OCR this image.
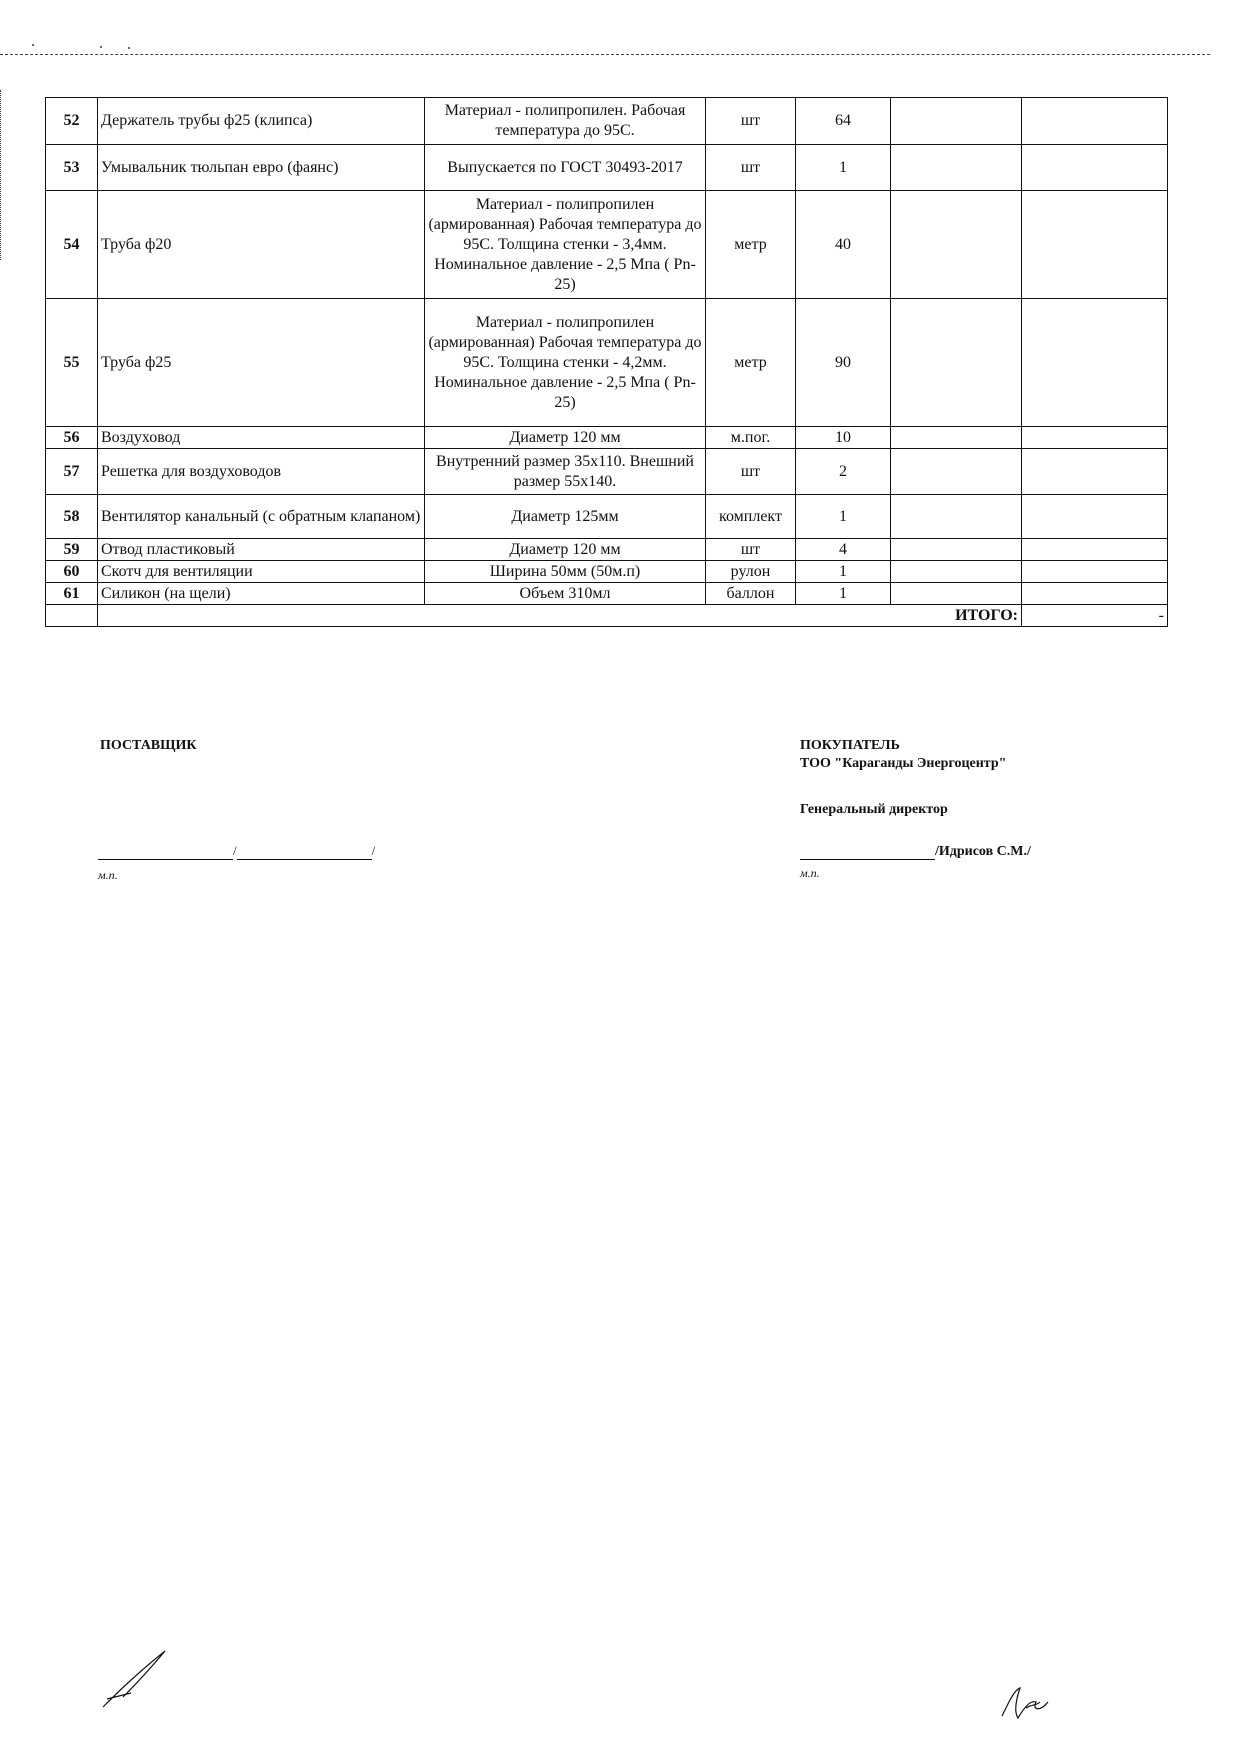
52	Держатель трубы ф25 (клипса)	Материал - полипропилен. Рабочая температура до 95С.	шт	64		
53	Умывальник тюльпан евро (фаянс)	Выпускается по ГОСТ 30493-2017	шт	1		
54	Труба ф20	Материал - полипропилен (армированная) Рабочая температура до 95С. Толщина стенки - 3,4мм. Номинальное давление - 2,5 Мпа ( Pn-25)	метр	40		
55	Труба ф25	Материал - полипропилен (армированная) Рабочая температура до 95С. Толщина стенки - 4,2мм. Номинальное давление - 2,5 Мпа ( Pn-25)	метр	90		
56	Воздуховод	Диаметр 120 мм	м.пог.	10		
57	Решетка для воздуховодов	Внутренний размер 35х110. Внешний размер 55х140.	шт	2		
58	Вентилятор канальный (с обратным клапаном)	Диаметр 125мм	комплект	1		
59	Отвод пластиковый	Диаметр 120 мм	шт	4		
60	Скотч для вентиляции	Ширина 50мм (50м.п)	рулон	1		
61	Силикон (на щели)	Объем 310мл	баллон	1		
	ИТОГО:					-
ПОСТАВЩИК
/	/
м.п.
ПОКУПАТЕЛЬ
ТОО "Караганды Энергоцентр"
Генеральный директор
/Идрисов С.М./
м.п.
